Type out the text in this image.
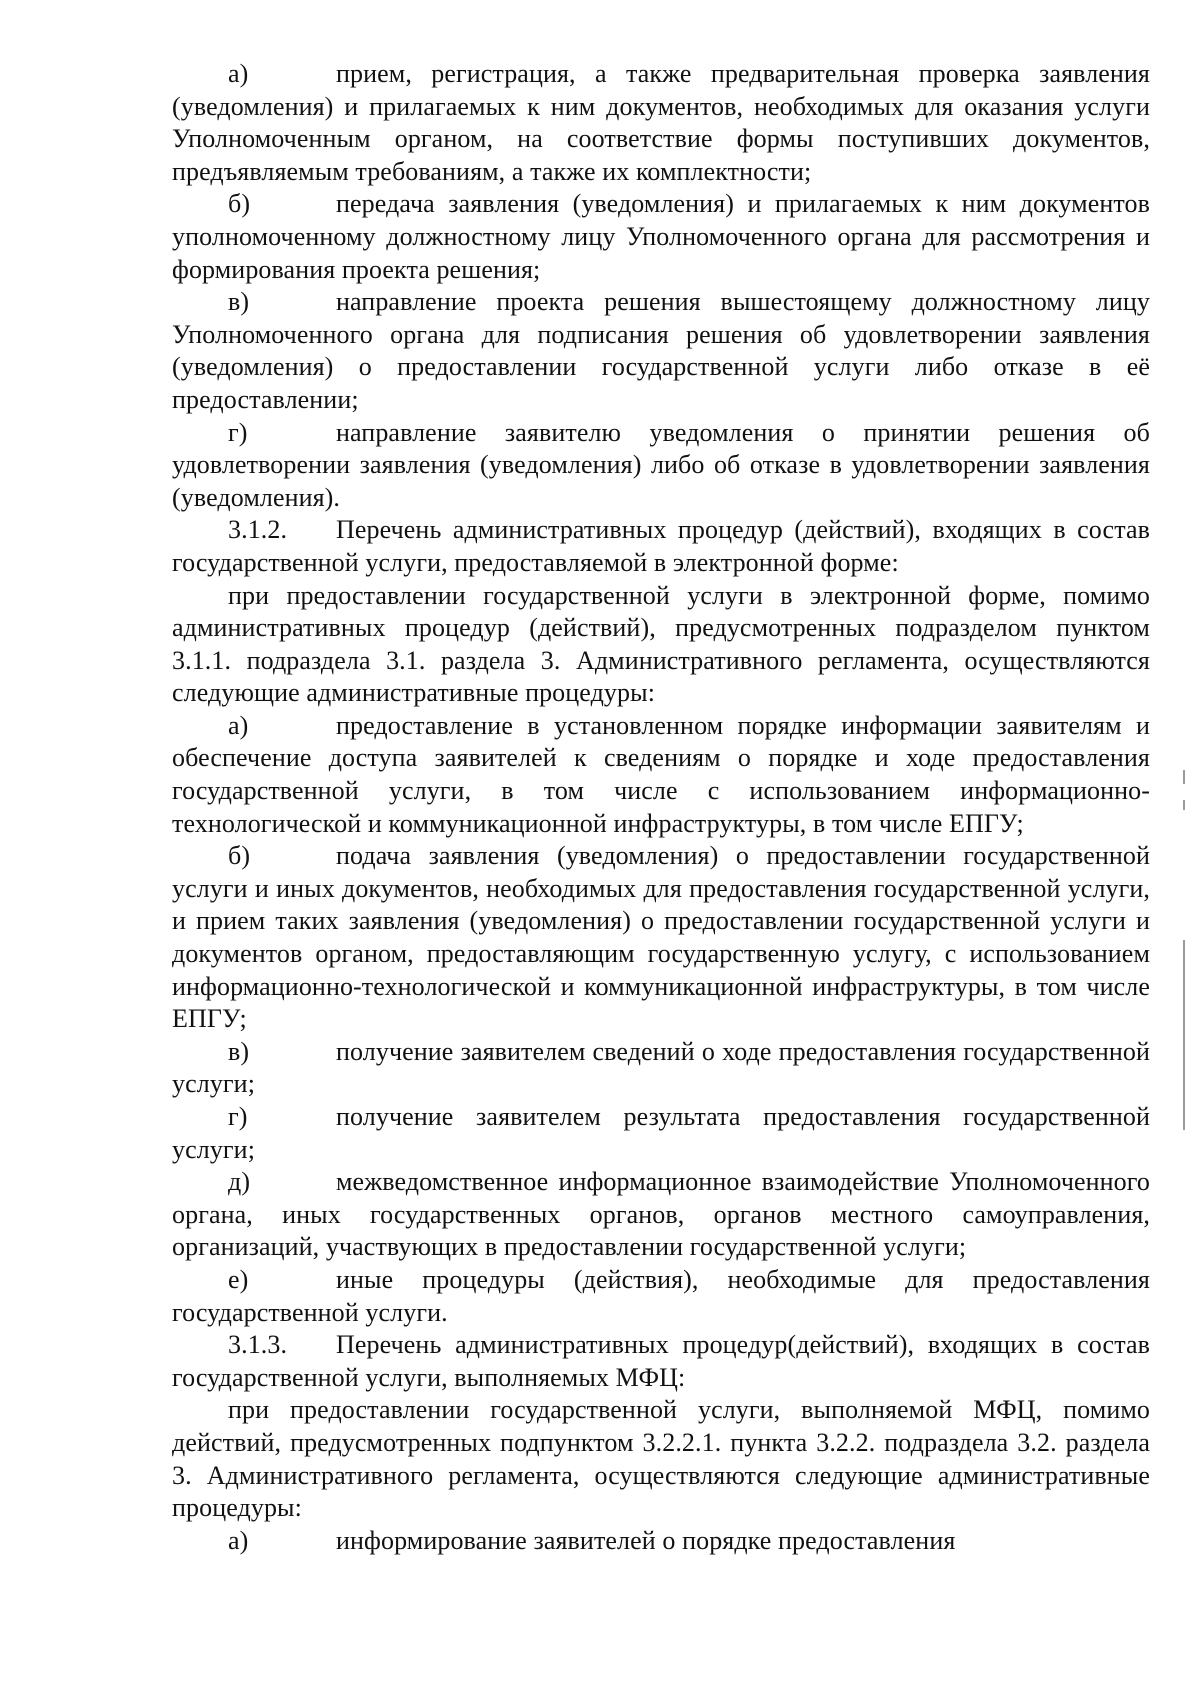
а)	прием, регистрация, а также предварительная проверка заявления (уведомления) и прилагаемых к ним документов, необходимых для оказания услуги Уполномоченным органом, на соответствие формы поступивших документов, предъявляемым требованиям, а также их комплектности;

б)	передача заявления (уведомления) и прилагаемых к ним документов уполномоченному должностному лицу Уполномоченного органа для рассмотрения и формирования проекта решения;

в)	направление проекта решения вышестоящему должностному лицу Уполномоченного органа для подписания решения об удовлетворении заявления (уведомления) о предоставлении государственной услуги либо отказе в её предоставлении;

г)	направление заявителю уведомления о принятии решения об удовлетворении заявления (уведомления) либо об отказе в удовлетворении заявления (уведомления).

3.1.2. Перечень административных процедур (действий), входящих в состав государственной услуги, предоставляемой в электронной форме:

при предоставлении государственной услуги в электронной форме, помимо административных процедур (действий), предусмотренных подразделом пунктом 3.1.1. подраздела 3.1. раздела 3. Административного регламента, осуществляются следующие административные процедуры:

а)	предоставление в установленном порядке информации заявителям и обеспечение доступа заявителей к сведениям о порядке и ходе предоставления государственной услуги, в том числе с использованием информационно-технологической и коммуникационной инфраструктуры, в том числе ЕПГУ;

б)	подача заявления (уведомления) о предоставлении государственной услуги и иных документов, необходимых для предоставления государственной услуги, и прием таких заявления (уведомления) о предоставлении государственной услуги и документов органом, предоставляющим государственную услугу, с использованием информационно-технологической и коммуникационной инфраструктуры, в том числе ЕПГУ;

в)	получение заявителем сведений о ходе предоставления государственной услуги;

г)	получение заявителем результата предоставления государственной услуги;

д)	межведомственное информационное взаимодействие Уполномоченного органа, иных государственных органов, органов местного самоуправления, организаций, участвующих в предоставлении государственной услуги;

е)	иные процедуры (действия), необходимые для предоставления государственной услуги.

3.1.3. Перечень административных процедур(действий), входящих в состав государственной услуги, выполняемых МФЦ:

при предоставлении государственной услуги, выполняемой МФЦ, помимо действий, предусмотренных подпунктом 3.2.2.1. пункта 3.2.2. подраздела 3.2. раздела 3. Административного регламента, осуществляются следующие административные процедуры:

а)	информирование заявителей о порядке предоставления
